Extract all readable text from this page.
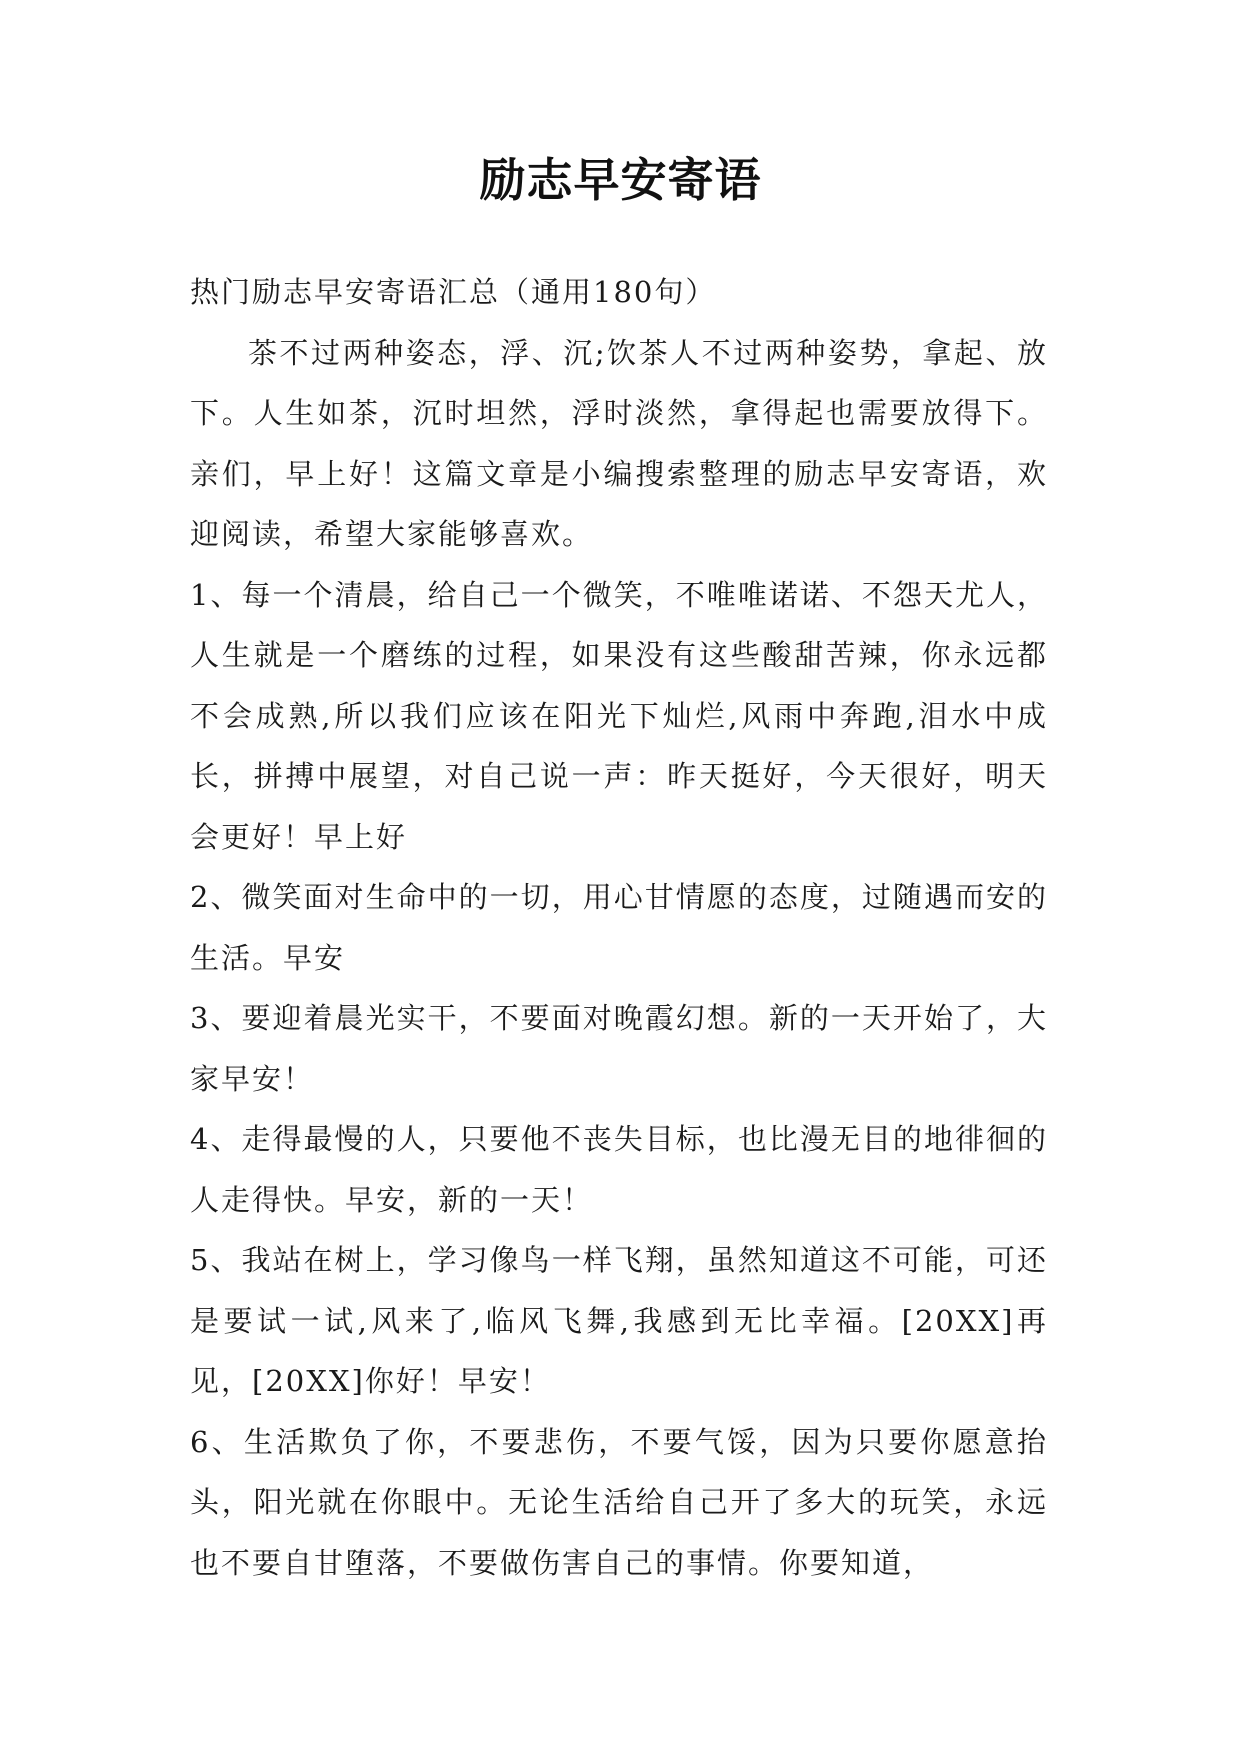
励志早安寄语

热门励志早安寄语汇总（通用180句）

茶不过两种姿态，浮、沉;饮茶人不过两种姿势，拿起、放下。人生如茶，沉时坦然，浮时淡然，拿得起也需要放得下。亲们，早上好！这篇文章是小编搜索整理的励志早安寄语，欢迎阅读，希望大家能够喜欢。

1、每一个清晨，给自己一个微笑，不唯唯诺诺、不怨天尤人，人生就是一个磨练的过程，如果没有这些酸甜苦辣，你永远都不会成熟,所以我们应该在阳光下灿烂,风雨中奔跑,泪水中成长，拼搏中展望，对自己说一声：昨天挺好，今天很好，明天会更好！早上好

2、微笑面对生命中的一切，用心甘情愿的态度，过随遇而安的生活。早安

3、要迎着晨光实干，不要面对晚霞幻想。新的一天开始了，大家早安！

4、走得最慢的人，只要他不丧失目标，也比漫无目的地徘徊的人走得快。早安，新的一天！

5、我站在树上，学习像鸟一样飞翔，虽然知道这不可能，可还是要试一试,风来了,临风飞舞,我感到无比幸福。[20XX]再见，[20XX]你好！早安！

6、生活欺负了你，不要悲伤，不要气馁，因为只要你愿意抬头，阳光就在你眼中。无论生活给自己开了多大的玩笑，永远也不要自甘堕落，不要做伤害自己的事情。你要知道，
